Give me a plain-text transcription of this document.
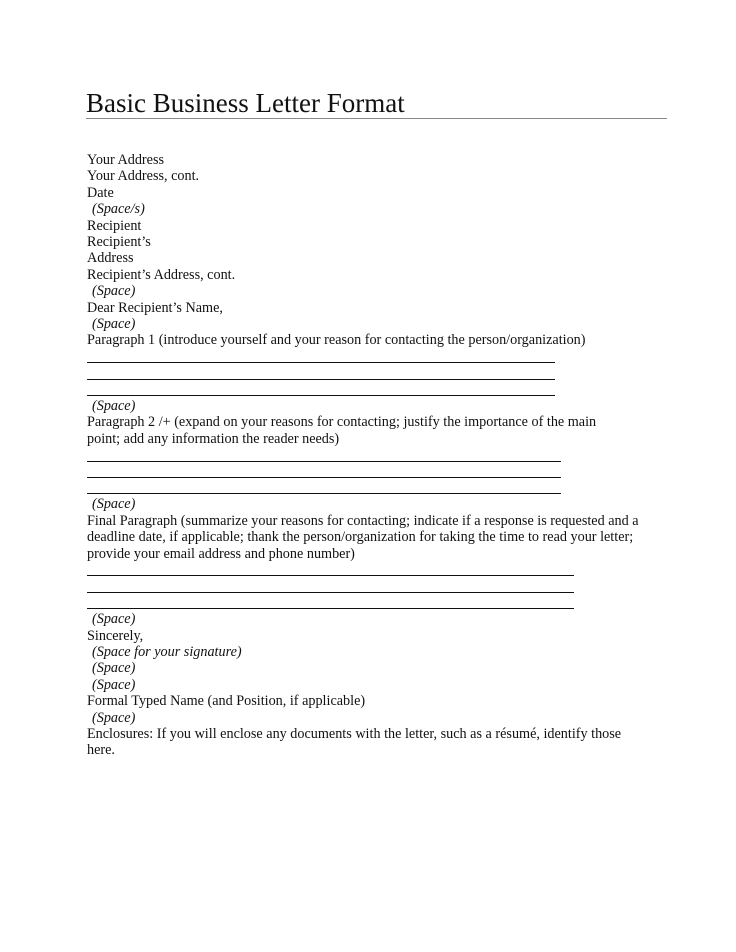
Basic Business Letter Format
Your Address
Your Address, cont.
Date
(Space/s)
Recipient
Recipient’s
Address
Recipient’s Address, cont.
(Space)
Dear Recipient’s Name,
(Space)
Paragraph 1 (introduce yourself and your reason for contacting the person/organization)
(Space)
Paragraph 2 /+ (expand on your reasons for contacting; justify the importance of the main point; add any information the reader needs)
(Space)
Final Paragraph (summarize your reasons for contacting; indicate if a response is requested and a deadline date, if applicable; thank the person/organization for taking the time to read your letter; provide your email address and phone number)
(Space)
Sincerely,
(Space for your signature)
(Space)
(Space)
Formal Typed Name (and Position, if applicable)
(Space)
Enclosures: If you will enclose any documents with the letter, such as a résumé, identify those here.
